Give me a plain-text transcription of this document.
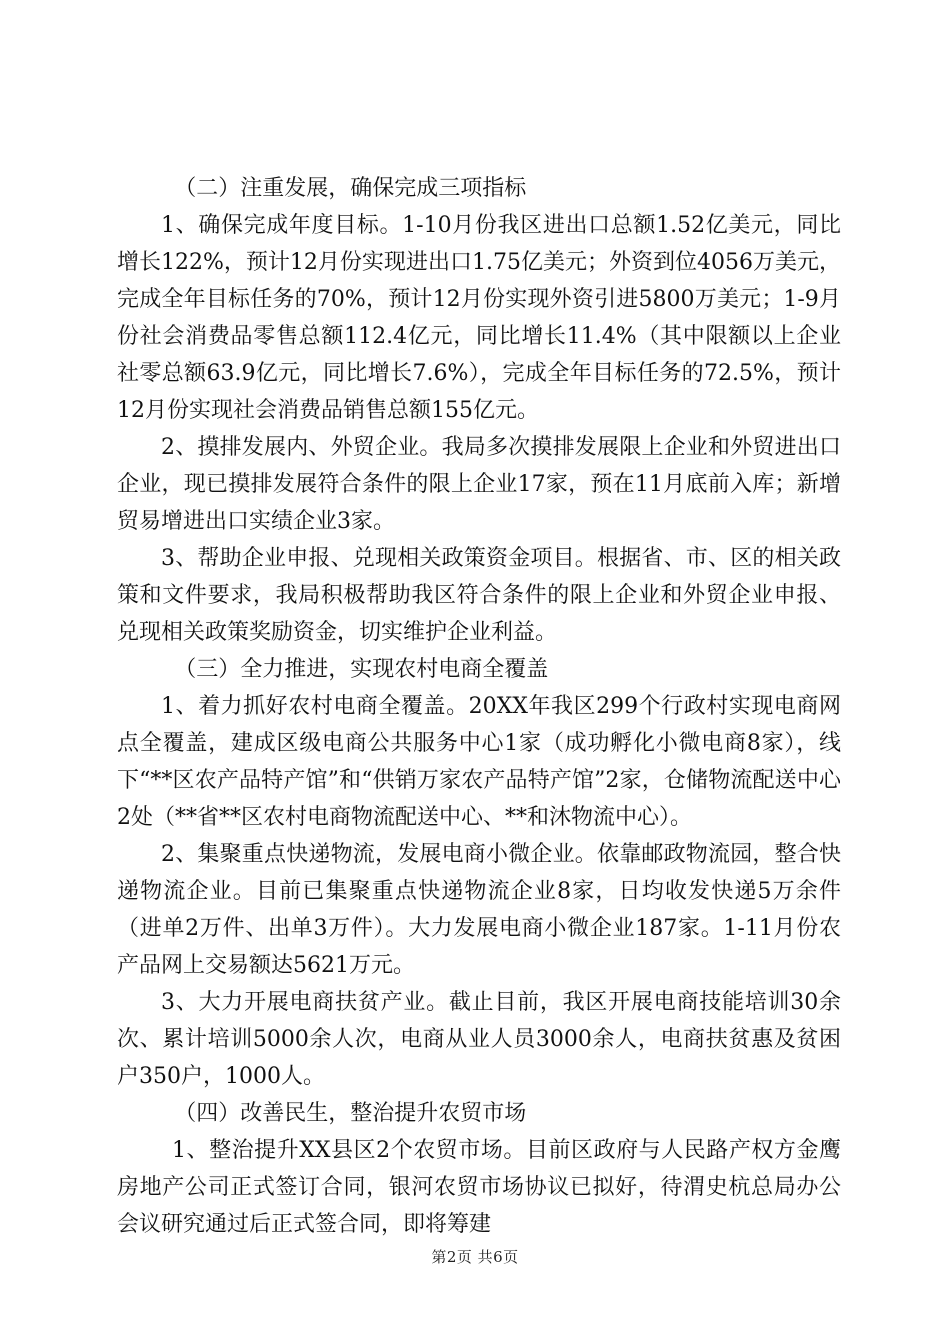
（二）注重发展，确保完成三项指标

1、确保完成年度目标。1-10月份我区进出口总额1.52亿美元，同比增长122%，预计12月份实现进出口1.75亿美元；外资到位4056万美元，完成全年目标任务的70%，预计12月份实现外资引进5800万美元；1-9月份社会消费品零售总额112.4亿元，同比增长11.4%（其中限额以上企业社零总额63.9亿元，同比增长7.6%），完成全年目标任务的72.5%，预计12月份实现社会消费品销售总额155亿元。

2、摸排发展内、外贸企业。我局多次摸排发展限上企业和外贸进出口企业，现已摸排发展符合条件的限上企业17家，预在11月底前入库；新增贸易增进出口实绩企业3家。

3、帮助企业申报、兑现相关政策资金项目。根据省、市、区的相关政策和文件要求，我局积极帮助我区符合条件的限上企业和外贸企业申报、兑现相关政策奖励资金，切实维护企业利益。

（三）全力推进，实现农村电商全覆盖

1、着力抓好农村电商全覆盖。20XX年我区299个行政村实现电商网点全覆盖，建成区级电商公共服务中心1家（成功孵化小微电商8家），线下“**区农产品特产馆”和“供销万家农产品特产馆”2家，仓储物流配送中心2处（**省**区农村电商物流配送中心、**和沐物流中心）。

2、集聚重点快递物流，发展电商小微企业。依靠邮政物流园，整合快递物流企业。目前已集聚重点快递物流企业8家，日均收发快递5万余件（进单2万件、出单3万件）。大力发展电商小微企业187家。1-11月份农产品网上交易额达5621万元。

3、大力开展电商扶贫产业。截止目前，我区开展电商技能培训30余次、累计培训5000余人次，电商从业人员3000余人，电商扶贫惠及贫困户350户，1000人。

（四）改善民生，整治提升农贸市场

1、整治提升XX县区2个农贸市场。目前区政府与人民路产权方金鹰房地产公司正式签订合同，银河农贸市场协议已拟好，待渭史杭总局办公会议研究通过后正式签合同，即将筹建

第2页 共6页
